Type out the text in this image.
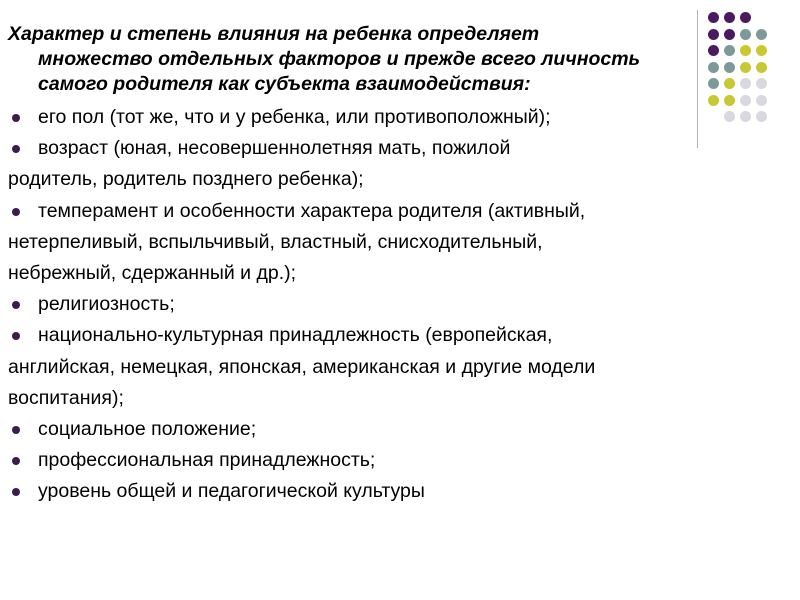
Характер и степень влияния на ребенка определяет
множество отдельных факторов и прежде всего личность
самого родителя как субъекта взаимодействия:
его пол (тот же, что и у ребенка, или противоположный);
возраст (юная, несовершеннолетняя мать, пожилой
родитель, родитель позднего ребенка);
темперамент и особенности характера родителя (активный,
нетерпеливый, вспыльчивый, властный, снисходительный,
небрежный, сдержанный и др.);
религиозность;
национально-культурная принадлежность (европейская,
английская, немецкая, японская, американская и другие модели
воспитания);
социальное положение;
профессиональная принадлежность;
уровень общей и педагогической культуры
